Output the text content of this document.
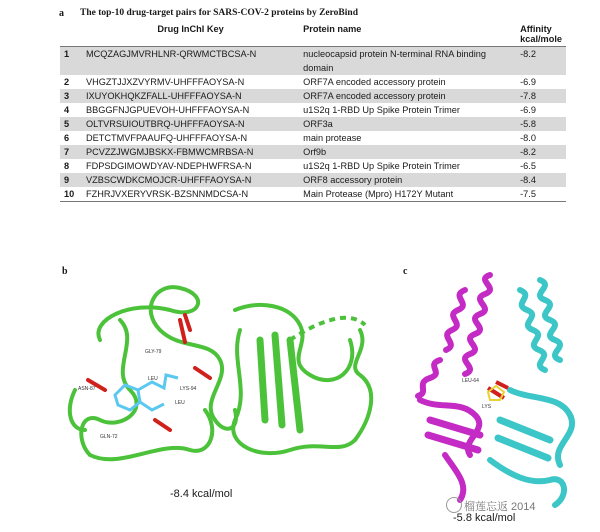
a The top-10 drug-target pairs for SARS-COV-2 proteins by ZeroBind
	Drug InChI Key	Protein name	Affinity
kcal/mole
1	MCQZAGJMVRHLNR-QRWMCTBCSA-N	nucleocapsid protein N-terminal RNA binding domain	-8.2
2	VHGZTJJXZVYRMV-UHFFFAOYSA-N	ORF7A encoded accessory protein	-6.9
3	IXUYOKHQKZFALL-UHFFFAOYSA-N	ORF7A encoded accessory protein	-7.8
4	BBGGFNJGPUEVOH-UHFFFAOYSA-N	u1S2q 1-RBD Up Spike Protein Trimer	-6.9
5	OLTVRSUIOUTBRQ-UHFFFAOYSA-N	ORF3a	-5.8
6	DETCTMVFPAAUFQ-UHFFFAOYSA-N	main protease	-8.0
7	PCVZZJWGMJBSKX-FBMWCMRBSA-N	Orf9b	-8.2
8	FDPSDGIMOWDYAV-NDEPHWFRSA-N	u1S2q 1-RBD Up Spike Protein Trimer	-6.5
9	VZBSCWDKCMOJCR-UHFFFAOYSA-N	ORF8 accessory protein	-8.4
10	FZHRJVXERYVRSK-BZSNNMDCSA-N	Main Protease (Mpro) H172Y Mutant	-7.5
b	c
GLY-79
LEU
ASN-87	LYS-94
LEU
GLN-72
-8.4 kcal/mol
LEU-64
LYS
-5.8 kcal/mol
榴莲忘返 2014
